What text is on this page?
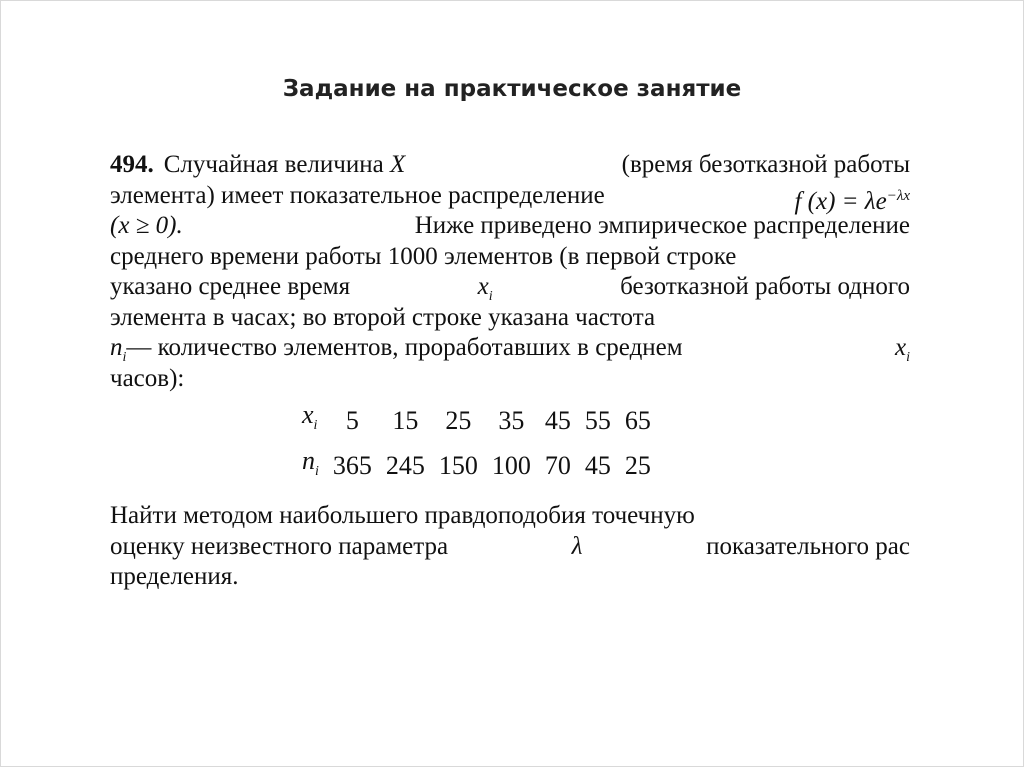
Задание на практическое занятие
494. Случайная величина X	(время безотказной работы
элемента) имеет показательное распределение	f (x) = λe−λx
(x ≥ 0).	Ниже приведено эмпирическое распределение
среднего времени работы 1000 элементов (в первой строке
указано среднее время	xi	безотказной работы одного
элемента в часах; во второй строке указана частота
ni— количество элементов, проработавших в среднем	xi
часов):
$x_i$	5	15	25	35	45	55	65
$n_i$	365	245	150	100	70	45	25
Найти методом наибольшего правдоподобия точечную
оценку неизвестного параметра	λ	показательного рас
пределения.
